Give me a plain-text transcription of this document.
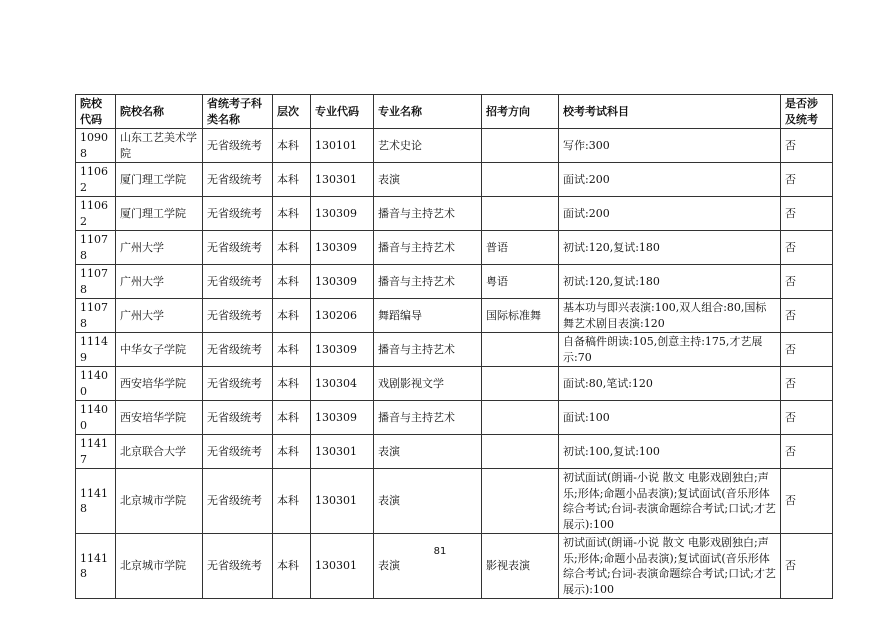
院校代码	院校名称	省统考子科类名称	层次	专业代码	专业名称	招考方向	校考考试科目	是否涉及统考
10908	山东工艺美术学院	无省级统考	本科	130101	艺术史论		写作:300	否
11062	厦门理工学院	无省级统考	本科	130301	表演		面试:200	否
11062	厦门理工学院	无省级统考	本科	130309	播音与主持艺术		面试:200	否
11078	广州大学	无省级统考	本科	130309	播音与主持艺术	普语	初试:120,复试:180	否
11078	广州大学	无省级统考	本科	130309	播音与主持艺术	粤语	初试:120,复试:180	否
11078	广州大学	无省级统考	本科	130206	舞蹈编导	国际标准舞	基本功与即兴表演:100,双人组合:80,国标舞艺术剧目表演:120	否
11149	中华女子学院	无省级统考	本科	130309	播音与主持艺术		自备稿件朗读:105,创意主持:175,才艺展示:70	否
11400	西安培华学院	无省级统考	本科	130304	戏剧影视文学		面试:80,笔试:120	否
11400	西安培华学院	无省级统考	本科	130309	播音与主持艺术		面试:100	否
11417	北京联合大学	无省级统考	本科	130301	表演		初试:100,复试:100	否
11418	北京城市学院	无省级统考	本科	130301	表演		初试面试(朗诵-小说 散文 电影戏剧独白;声乐;形体;命题小品表演);复试面试(音乐形体综合考试;台词-表演命题综合考试;口试;才艺展示):100	否
11418	北京城市学院	无省级统考	本科	130301	表演	影视表演	初试面试(朗诵-小说 散文 电影戏剧独白;声乐;形体;命题小品表演);复试面试(音乐形体综合考试;台词-表演命题综合考试;口试;才艺展示):100	否
81
